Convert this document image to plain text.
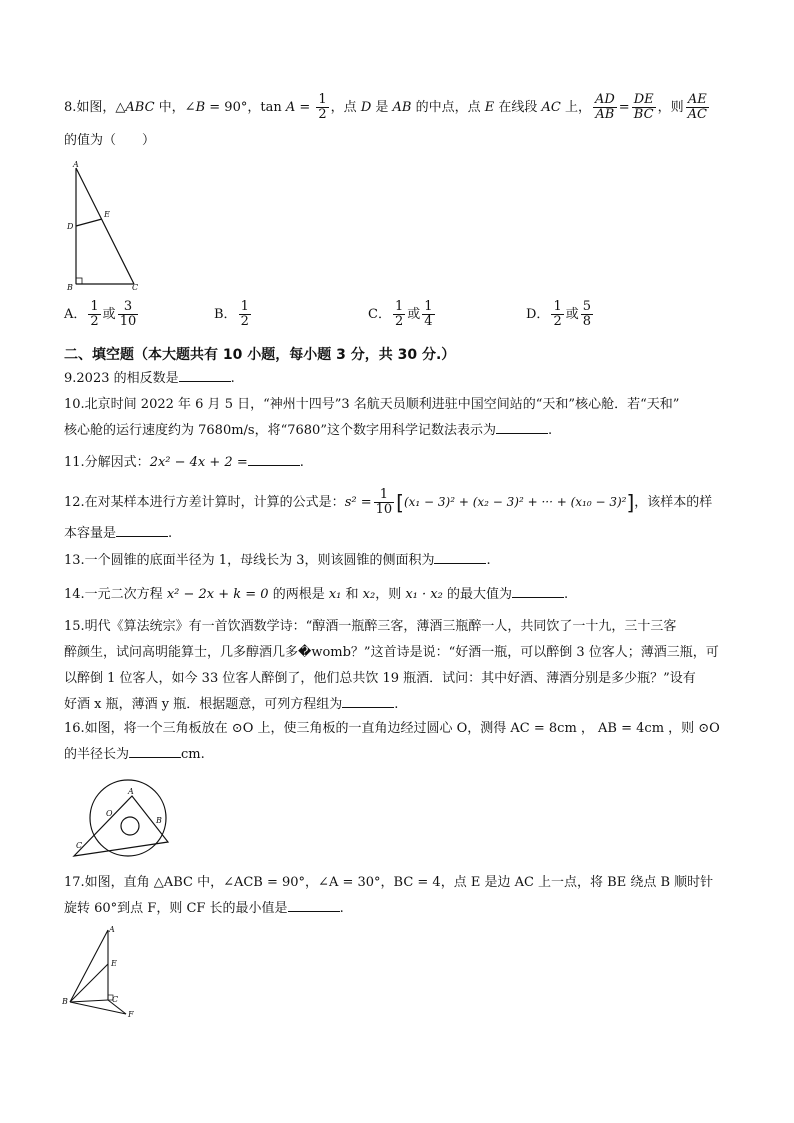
8.如图，△ABC 中，∠B = 90°，$\tan A = \frac{1}{2}$ ，点 D 是 AB 的中点，点 E 在线段 AC 上， $\frac{AD}{AB} = \frac{DE}{BC}$ ，则 $\frac{AE}{AC}$
的值为（　　）
A
D
E
B	C
A． $\frac{1}{2}$ 或 $\frac{3}{10}$	B． $\frac{1}{2}$	C． $\frac{1}{2}$ 或 $\frac{1}{4}$	D． $\frac{1}{2}$ 或 $\frac{5}{8}$
二、填空题（本大题共有 10 小题，每小题 3 分，共 30 分.）
9.2023 的相反数是	.
10.北京时间 2022 年 6 月 5 日，“神州十四号”3 名航天员顺利进驻中国空间站的“天和”核心舱．若“天和”
核心舱的运行速度约为 7680m/s，将“7680”这个数字用科学记数法表示为	.
11.分解因式：2x² − 4x + 2 =	.
12.在对某样本进行方差计算时，计算的公式是：$s^2 = \frac{1}{10} [(x_1 - 3)^2 + (x_2 - 3)^2$ + ··· + (x₁₀ − 3)²]，该样本的样
本容量是	.
13.一个圆锥的底面半径为 1，母线长为 3，则该圆锥的侧面积为	.
14.一元二次方程 x² − 2x + k = 0 的两根是 x₁ 和 x₂，则 x₁ · x₂ 的最大值为	.
15.明代《算法统宗》有一首饮酒数学诗：“醇酒一瓶醉三客，薄酒三瓶醉一人，共同饮了一十九，三十三客
醉颜生，试问高明能算士，几多醇酒几多�womb？”这首诗是说：“好酒一瓶，可以醉倒 3 位客人；薄酒三瓶，可
以醉倒 1 位客人，如今 33 位客人醉倒了，他们总共饮 19 瓶酒．试问：其中好酒、薄酒分别是多少瓶？”设有
好酒 x 瓶，薄酒 y 瓶．根据题意，可列方程组为	.
16.如图，将一个三角板放在 ⊙O 上，使三角板的一直角边经过圆心 O，测得 AC = 8cm ， AB = 4cm ，则 ⊙O
的半径长为	cm.
A
O
B
C
17.如图，直角 △ABC 中，∠ACB = 90°，∠A = 30°，BC = 4，点 E 是边 AC 上一点，将 BE 绕点 B 顺时针
旋转 60°到点 F，则 CF 长的最小值是	.
A
E
B	C
F
